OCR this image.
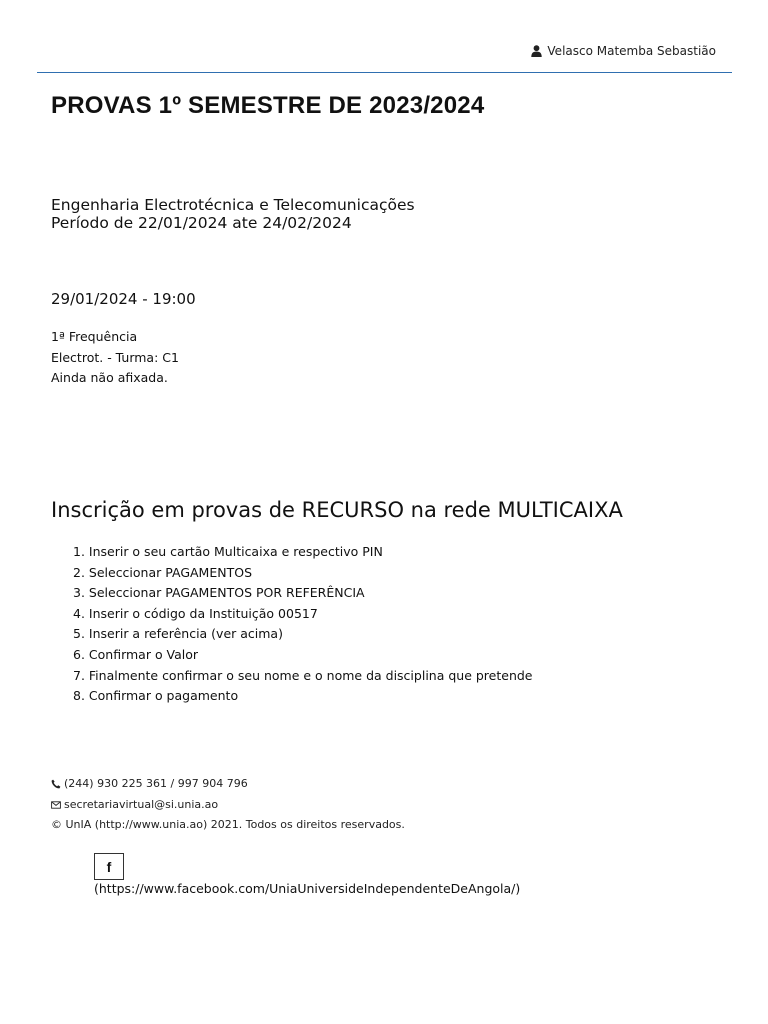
Velasco Matemba Sebastião
PROVAS 1º SEMESTRE DE 2023/2024
Engenharia Electrotécnica e Telecomunicações
Período de 22/01/2024 ate 24/02/2024
29/01/2024 - 19:00
1ª Frequência
Electrot. - Turma: C1
Ainda não afixada.
Inscrição em provas de RECURSO na rede MULTICAIXA
1. Inserir o seu cartão Multicaixa e respectivo PIN
2. Seleccionar PAGAMENTOS
3. Seleccionar PAGAMENTOS POR REFERÊNCIA
4. Inserir o código da Instituição 00517
5. Inserir a referência (ver acima)
6. Confirmar o Valor
7. Finalmente confirmar o seu nome e o nome da disciplina que pretende
8. Confirmar o pagamento
(244) 930 225 361 / 997 904 796
secretariavirtual@si.unia.ao
© UnIA (http://www.unia.ao) 2021. Todos os direitos reservados.
f
(https://www.facebook.com/UniaUniversideIndependenteDeAngola/)
